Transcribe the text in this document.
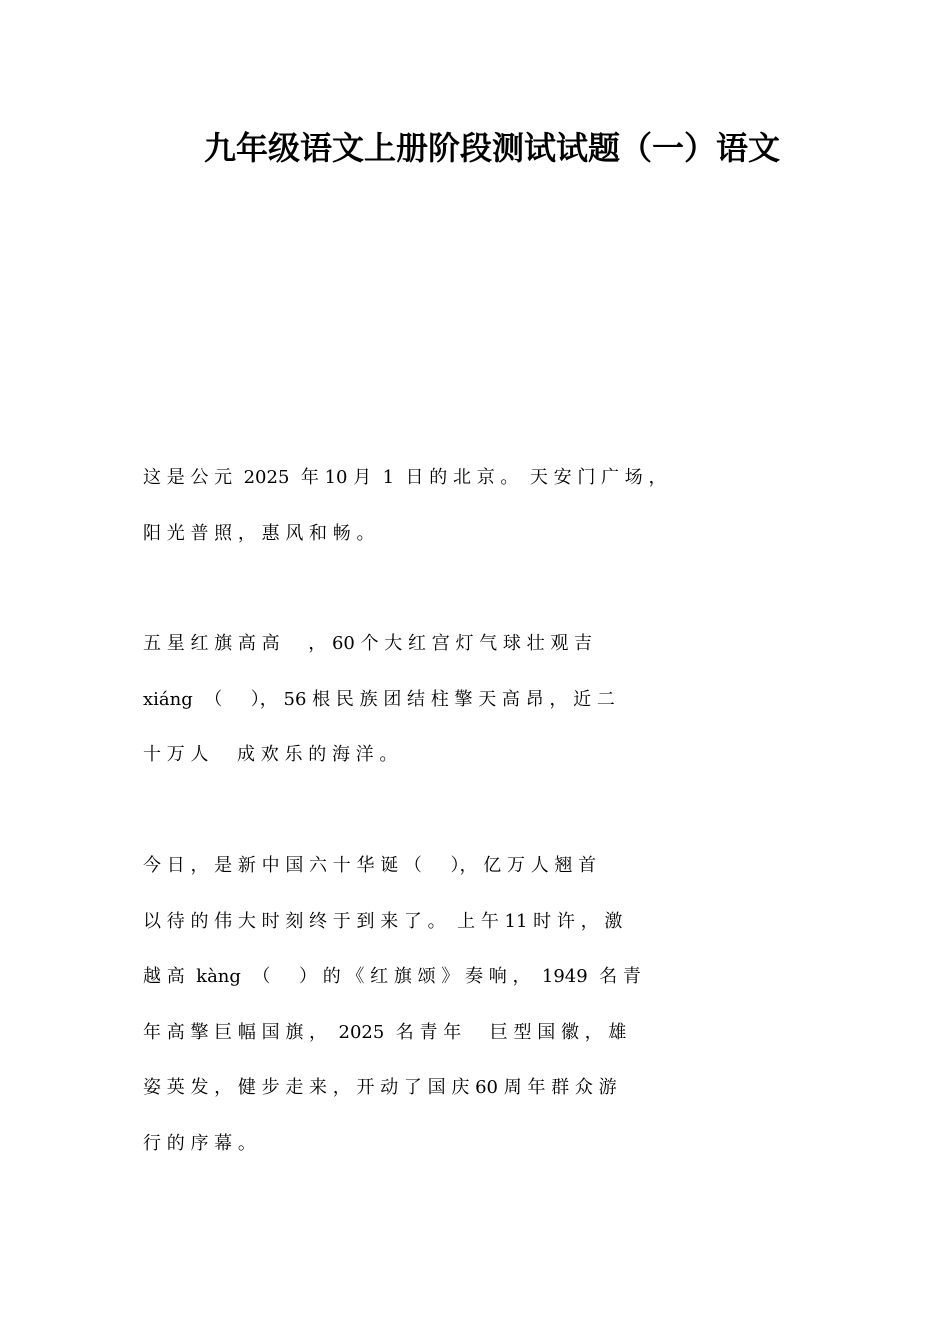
九年级语文上册阶段测试试题（一）语文
这 是 公 元  2025  年 10 月  1  日 的 北 京 。  天 安 门 广 场 ，
阳 光 普 照 ， 惠 风 和 畅 。
五 星 红 旗 高 高     ， 60 个 大 红 宫 灯 气 球 壮 观 吉
xiáng  （     ）， 56 根 民 族 团 结 柱 擎 天 高 昂 ， 近 二
十 万 人     成 欢 乐 的 海 洋 。
今 日 ， 是 新 中 国 六 十 华 诞 （     ）， 亿 万 人 翘 首
以 待 的 伟 大 时 刻 终 于 到 来 了 。  上 午 11 时 许 ， 激
越 高  kàng  （     ） 的 《 红 旗 颂 》 奏 响 ，  1949  名 青
年 高 擎 巨 幅 国 旗 ，  2025  名 青 年     巨 型 国 徽 ， 雄
姿 英 发 ， 健 步 走 来 ， 开 动 了 国 庆 60 周 年 群 众 游
行 的 序 幕 。
